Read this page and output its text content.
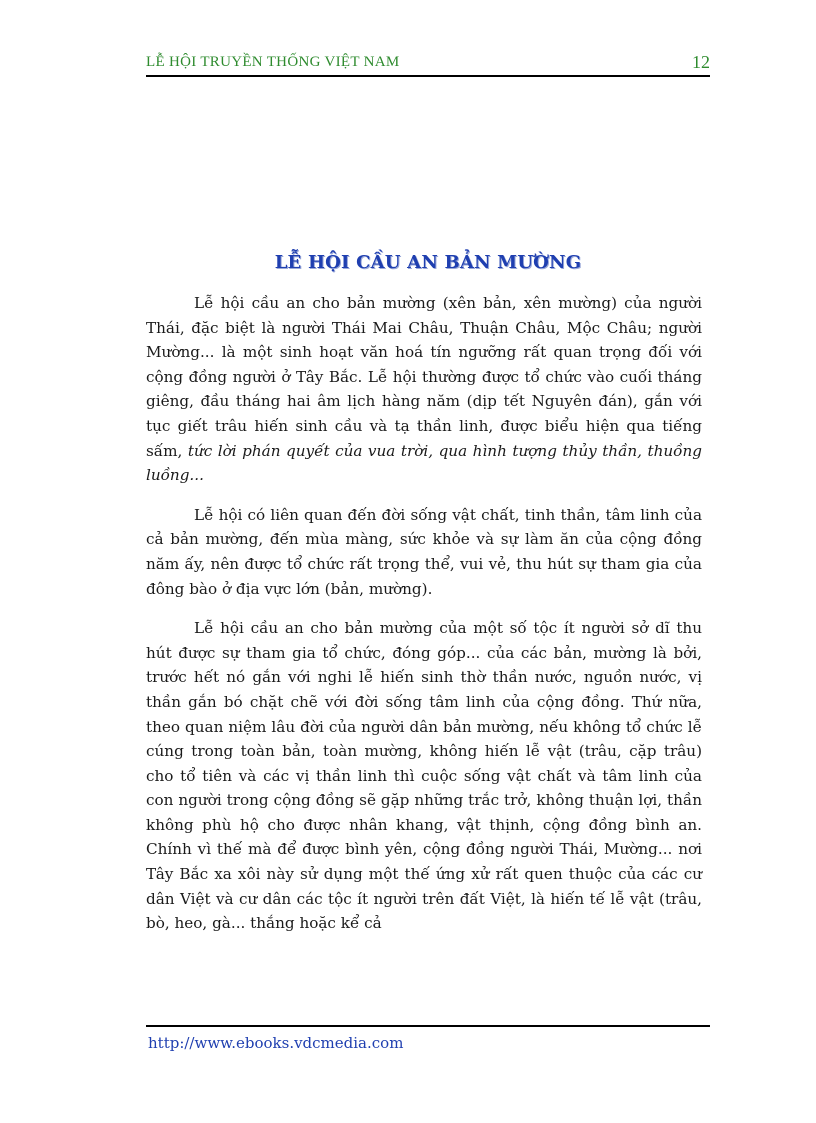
LỄ HỘI TRUYỀN THỐNG VIỆT NAM	12
LỄ HỘI CẦU AN BẢN MƯỜNG

Lễ hội cầu an cho bản mường (xên bản, xên mường) của người Thái, đặc biệt là người Thái Mai Châu, Thuận Châu, Mộc Châu; người Mường... là một sinh hoạt văn hoá tín ngưỡng rất quan trọng đối với cộng đồng người ở Tây Bắc. Lễ hội thường được tổ chức vào cuối tháng giêng, đầu tháng hai âm lịch hàng năm (dịp tết Nguyên đán), gắn với tục giết trâu hiến sinh cầu và tạ thần linh, được biểu hiện qua tiếng sấm, tức lời phán quyết của vua trời, qua hình tượng thủy thần, thuồng luồng...

Lễ hội có liên quan đến đời sống vật chất, tinh thần, tâm linh của cả bản mường, đến mùa màng, sức khỏe và sự làm ăn của cộng đồng năm ấy, nên được tổ chức rất trọng thể, vui vẻ, thu hút sự tham gia của đông bào ở địa vực lớn (bản, mường).

Lễ hội cầu an cho bản mường của một số tộc ít người sở dĩ thu hút được sự tham gia tổ chức, đóng góp... của các bản, mường là bởi, trước hết nó gắn với nghi lễ hiến sinh thờ thần nước, nguồn nước, vị thần gắn bó chặt chẽ với đời sống tâm linh của cộng đồng. Thứ nữa, theo quan niệm lâu đời của người dân bản mường, nếu không tổ chức lễ cúng trong toàn bản, toàn mường, không hiến lễ vật (trâu, cặp trâu) cho tổ tiên và các vị thần linh thì cuộc sống vật chất và tâm linh của con người trong cộng đồng sẽ gặp những trắc trở, không thuận lợi, thần không phù hộ cho được nhân khang, vật thịnh, cộng đồng bình an. Chính vì thế mà để được bình yên, cộng đồng người Thái, Mường... nơi Tây Bắc xa xôi này sử dụng một thế ứng xử rất quen thuộc của các cư dân Việt và cư dân các tộc ít người trên đất Việt, là hiến tế lễ vật (trâu, bò, heo, gà... thắng hoặc kể cả

http://www.ebooks.vdcmedia.com
